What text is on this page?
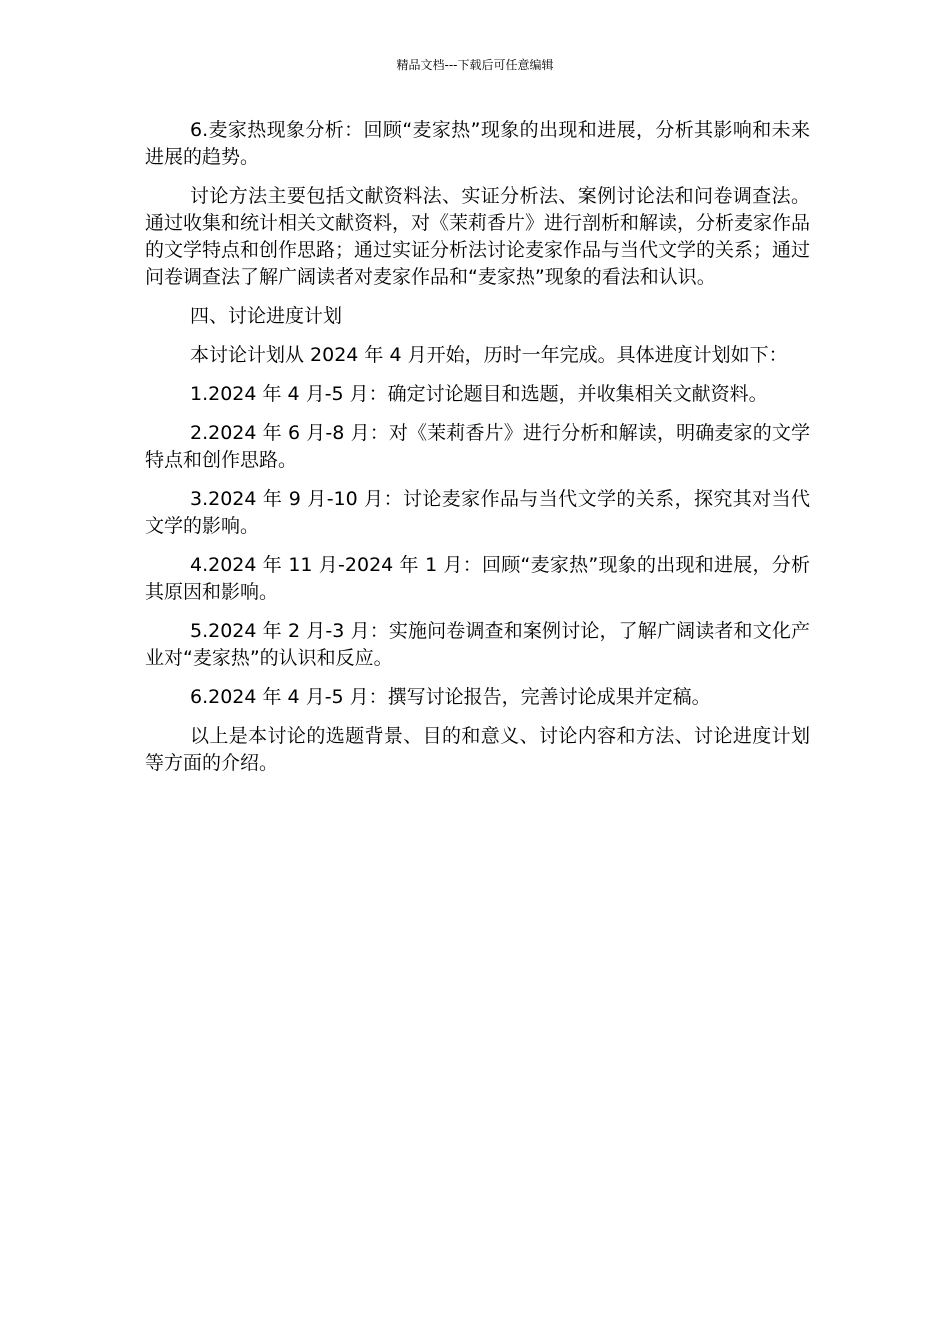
精品文档---下载后可任意编辑

6.麦家热现象分析：回顾“麦家热”现象的出现和进展，分析其影响和未来进展的趋势。

讨论方法主要包括文献资料法、实证分析法、案例讨论法和问卷调查法。通过收集和统计相关文献资料，对《茉莉香片》进行剖析和解读，分析麦家作品的文学特点和创作思路；通过实证分析法讨论麦家作品与当代文学的关系；通过问卷调查法了解广阔读者对麦家作品和“麦家热”现象的看法和认识。

四、讨论进度计划

本讨论计划从 2024 年 4 月开始，历时一年完成。具体进度计划如下：

1.2024 年 4 月-5 月：确定讨论题目和选题，并收集相关文献资料。

2.2024 年 6 月-8 月：对《茉莉香片》进行分析和解读，明确麦家的文学特点和创作思路。

3.2024 年 9 月-10 月：讨论麦家作品与当代文学的关系，探究其对当代文学的影响。

4.2024 年 11 月-2024 年 1 月：回顾“麦家热”现象的出现和进展，分析其原因和影响。

5.2024 年 2 月-3 月：实施问卷调查和案例讨论，了解广阔读者和文化产业对“麦家热”的认识和反应。

6.2024 年 4 月-5 月：撰写讨论报告，完善讨论成果并定稿。

以上是本讨论的选题背景、目的和意义、讨论内容和方法、讨论进度计划等方面的介绍。
